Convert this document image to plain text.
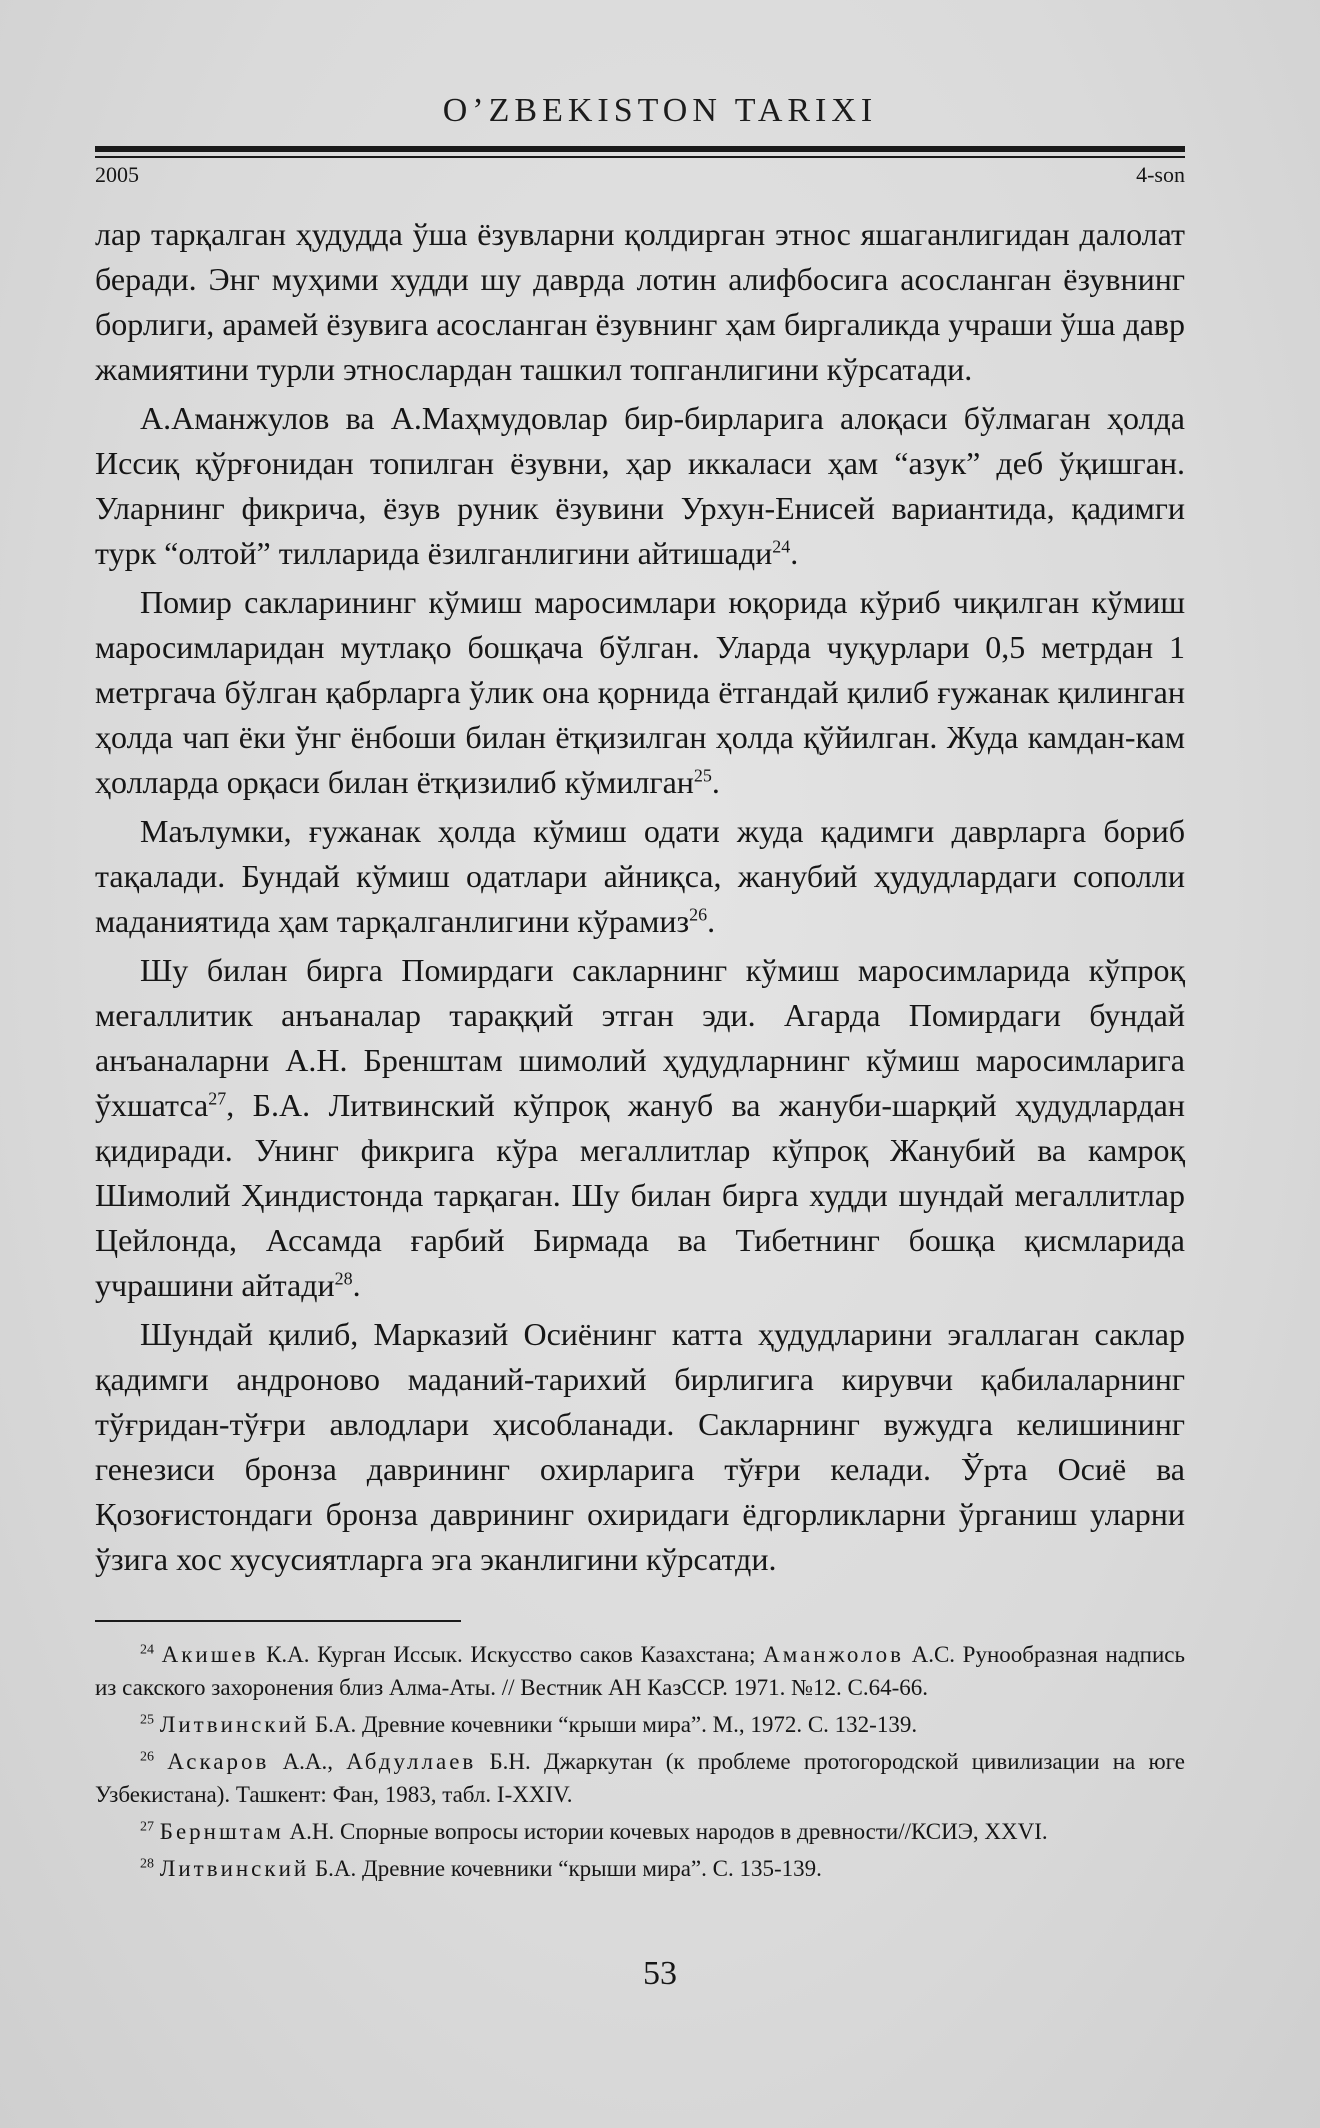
O’ZBEKISTON TARIXI
2005	4-son

лар тарқалган ҳудудда ўша ёзувларни қолдирган этнос яшаганлигидан далолат беради. Энг муҳими худди шу даврда лотин алифбосига асосланган ёзувнинг борлиги, арамей ёзувига асосланган ёзувнинг ҳам биргаликда учраши ўша давр жамиятини турли этнослардан ташкил топганлигини кўрсатади.

А.Аманжулов ва А.Маҳмудовлар бир-бирларига алоқаси бўлмаган ҳолда Иссиқ қўрғонидан топилган ёзувни, ҳар иккаласи ҳам “азук” деб ўқишган. Уларнинг фикрича, ёзув руник ёзувини Урхун-Енисей вариантида, қадимги турк “олтой” тилларида ёзилганлигини айтишади$^{24}$.

Помир сакларининг кўмиш маросимлари юқорида кўриб чиқилган кўмиш маросимларидан мутлақо бошқача бўлган. Уларда чуқурлари 0,5 метрдан 1 метргача бўлган қабрларга ўлик она қорнида ётгандай қилиб ғужанак қилинган ҳолда чап ёки ўнг ёнбоши билан ётқизилган ҳолда қўйилган. Жуда камдан-кам ҳолларда орқаси билан ётқизилиб кўмилган$^{25}$.

Маълумки, ғужанак ҳолда кўмиш одати жуда қадимги даврларга бориб тақалади. Бундай кўмиш одатлари айниқса, жанубий ҳудудлардаги сополли маданиятида ҳам тарқалганлигини кўрамиз$^{26}$.

Шу билан бирга Помирдаги сакларнинг кўмиш маросимларида кўпроқ мегаллитик анъаналар тараққий этган эди. Агарда Помирдаги бундай анъаналарни А.Н. Бренштам шимолий ҳудудларнинг кўмиш маросимларига ўхшатса$^{27}$, Б.А. Литвинский кўпроқ жануб ва жануби-шарқий ҳудудлардан қидиради. Унинг фикрига кўра мегаллитлар кўпроқ Жанубий ва камроқ Шимолий Ҳиндистонда тарқаган. Шу билан бирга худди шундай мегаллитлар Цейлонда, Ассамда ғарбий Бирмада ва Тибетнинг бошқа қисмларида учрашини айтади$^{28}$.

Шундай қилиб, Марказий Осиёнинг катта ҳудудларини эгаллаган саклар қадимги андроново маданий-тарихий бирлигига кирувчи қабилаларнинг тўғридан-тўғри авлодлари ҳисобланади. Сакларнинг вужудга келишининг генезиси бронза даврининг охирларига тўғри келади. Ўрта Осиё ва Қозоғистондаги бронза даврининг охиридаги ёдгорликларни ўрганиш уларни ўзига хос хусусиятларга эга эканлигини кўрсатди.

$^{24}$ Акишев К.А. Курган Иссык. Искусство саков Казахстана; Аманжолов А.С. Рунообразная надпись из сакского захоронения близ Алма-Аты. // Вестник АН КазССР. 1971. №12. С.64-66.

$^{25}$ Литвинский Б.А. Древние кочевники “крыши мира”. М., 1972. С. 132-139.

$^{26}$ Аскаров А.А., Абдуллаев Б.Н. Джаркутан (к проблеме протогородской цивилизации на юге Узбекистана). Ташкент: Фан, 1983, табл. I-XXIV.

$^{27}$ Бернштам А.Н. Спорные вопросы истории кочевых народов в древности//КСИЭ, XXVI.

$^{28}$ Литвинский Б.А. Древние кочевники “крыши мира”. С. 135-139.

53
